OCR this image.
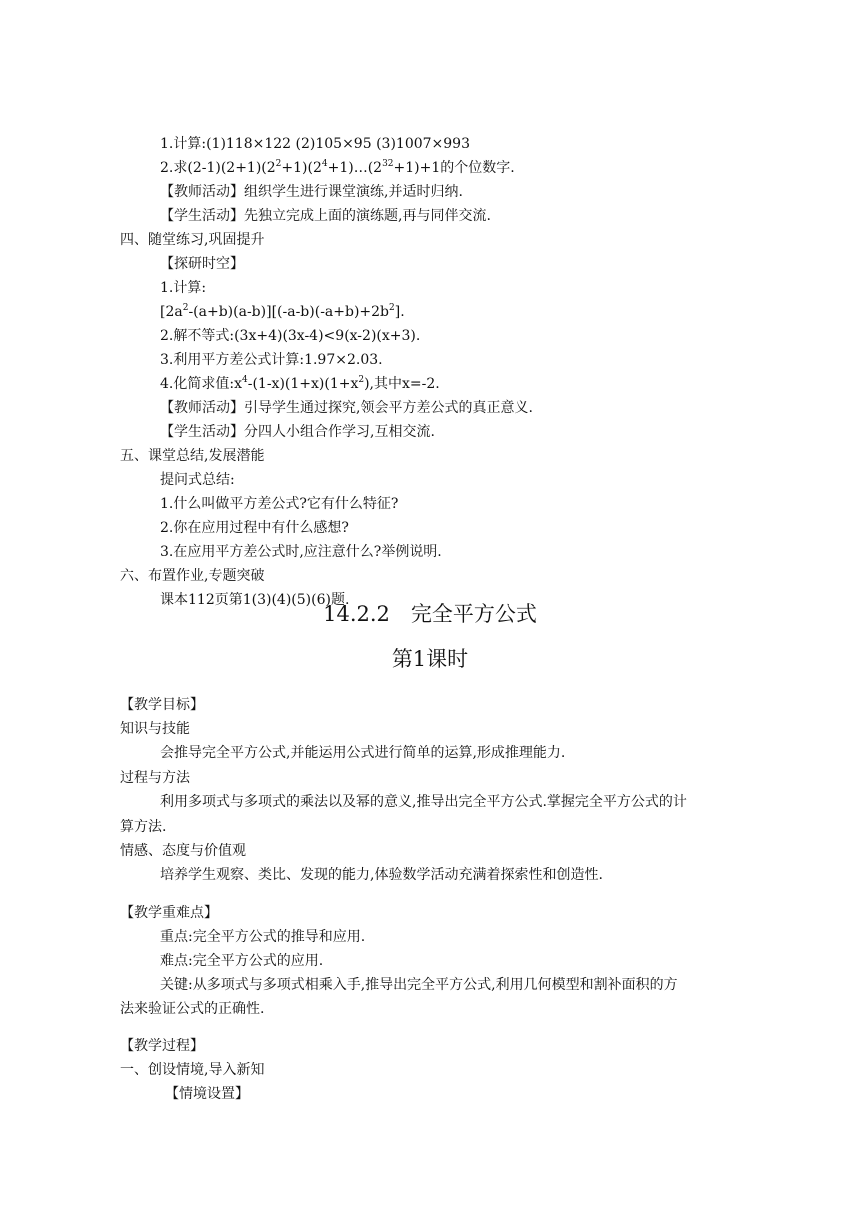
1.计算:(1)118×122 (2)105×95 (3)1007×993
2.求$(2-1)(2+1)(2^2+1)(2^4+1)\dots(2^{32}+1)+1$的个位数字.
【教师活动】组织学生进行课堂演练,并适时归纳.
【学生活动】先独立完成上面的演练题,再与同伴交流.
四、随堂练习,巩固提升
【探研时空】
1.计算:
$[2a^2-(a+b)(a-b)][(-a-b)(-a+b)+2b^2]$.
2.解不等式:(3x+4)(3x-4)<9(x-2)(x+3).
3.利用平方差公式计算:1.97×2.03.
4.化简求值$:x^4-(1-x)(1+x)(1+x^2)$,其中x=-2.
【教师活动】引导学生通过探究,领会平方差公式的真正意义.
【学生活动】分四人小组合作学习,互相交流.
五、课堂总结,发展潜能
提问式总结:
1.什么叫做平方差公式?它有什么特征?
2.你在应用过程中有什么感想?
3.在应用平方差公式时,应注意什么?举例说明.
六、布置作业,专题突破
课本112页第1(3)(4)(5)(6)题.
14.2.2　完全平方公式
第1课时
【教学目标】
知识与技能
会推导完全平方公式,并能运用公式进行简单的运算,形成推理能力.
过程与方法
利用多项式与多项式的乘法以及幂的意义,推导出完全平方公式.掌握完全平方公式的计
算方法.
情感、态度与价值观
培养学生观察、类比、发现的能力,体验数学活动充满着探索性和创造性.
【教学重难点】
重点:完全平方公式的推导和应用.
难点:完全平方公式的应用.
关键:从多项式与多项式相乘入手,推导出完全平方公式,利用几何模型和割补面积的方
法来验证公式的正确性.
【教学过程】
一、创设情境,导入新知
【情境设置】
